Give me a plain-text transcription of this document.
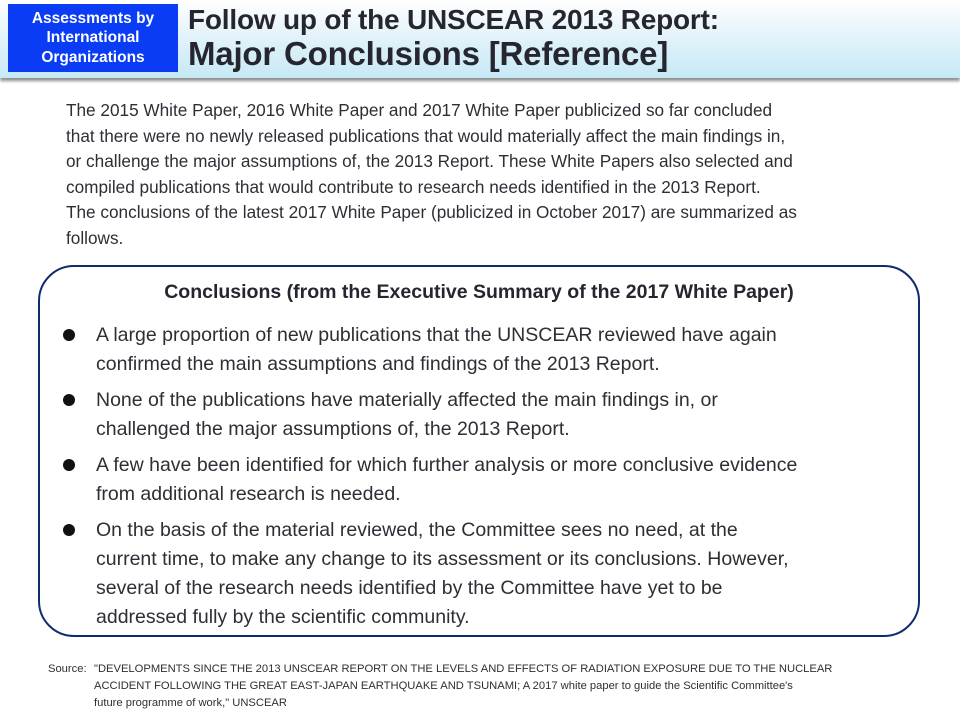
Assessments by
International
Organizations
Follow up of the UNSCEAR 2013 Report:
Major Conclusions [Reference]

The 2015 White Paper, 2016 White Paper and 2017 White Paper publicized so far concluded
that there were no newly released publications that would materially affect the main findings in,
or challenge the major assumptions of, the 2013 Report. These White Papers also selected and
compiled publications that would contribute to research needs identified in the 2013 Report.
The conclusions of the latest 2017 White Paper (publicized in October 2017) are summarized as
follows.

Conclusions (from the Executive Summary of the 2017 White Paper)
A large proportion of new publications that the UNSCEAR reviewed have again
confirmed the main assumptions and findings of the 2013 Report.
None of the publications have materially affected the main findings in, or
challenged the major assumptions of, the 2013 Report.
A few have been identified for which further analysis or more conclusive evidence
from additional research is needed.
On the basis of the material reviewed, the Committee sees no need, at the
current time, to make any change to its assessment or its conclusions. However,
several of the research needs identified by the Committee have yet to be
addressed fully by the scientific community.
Source: "DEVELOPMENTS SINCE THE 2013 UNSCEAR REPORT ON THE LEVELS AND EFFECTS OF RADIATION EXPOSURE DUE TO THE NUCLEAR
ACCIDENT FOLLOWING THE GREAT EAST-JAPAN EARTHQUAKE AND TSUNAMI; A 2017 white paper to guide the Scientific Committee's
future programme of work," UNSCEAR
